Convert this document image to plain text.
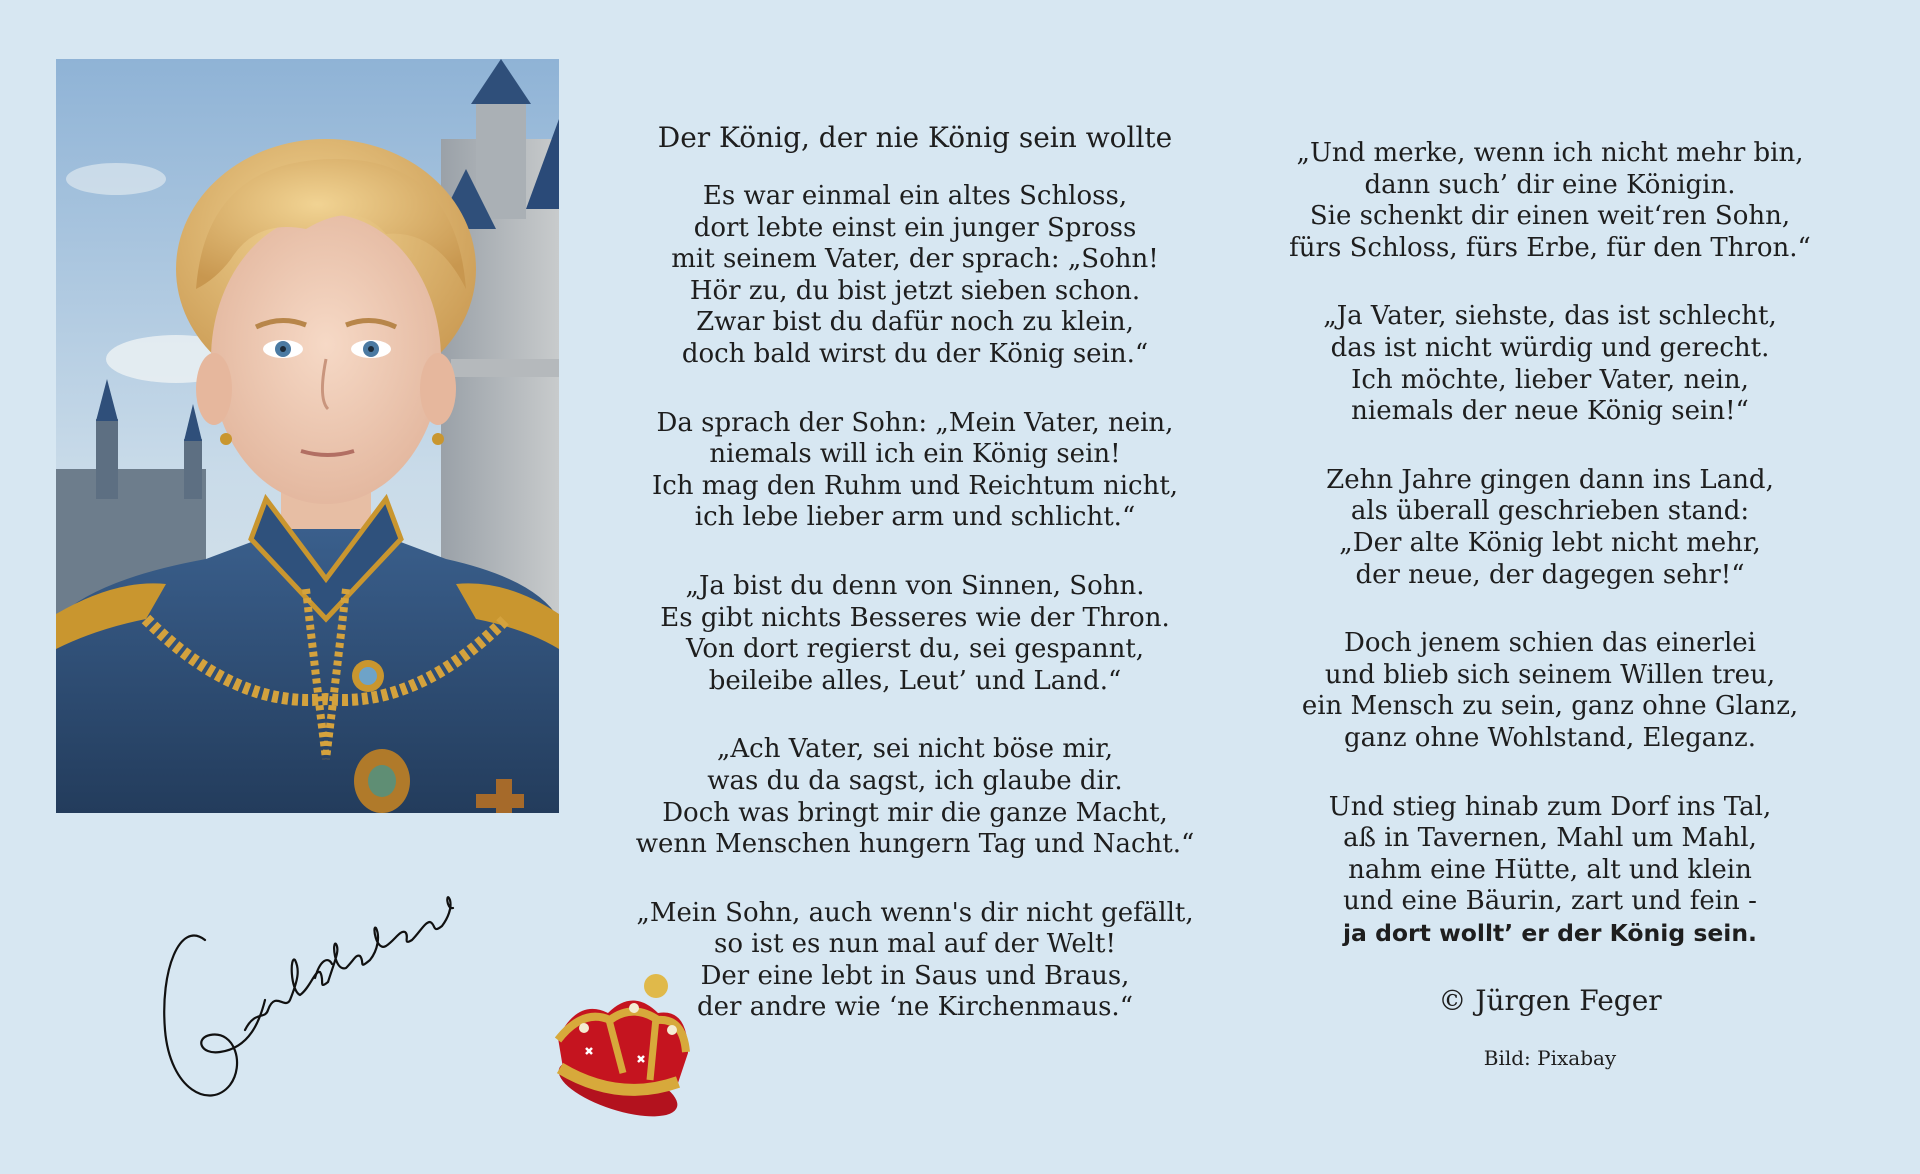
Der König, der nie König sein wollte
Es war einmal ein altes Schloss,
dort lebte einst ein junger Spross
mit seinem Vater, der sprach: „Sohn!
Hör zu, du bist jetzt sieben schon.
Zwar bist du dafür noch zu klein,
doch bald wirst du der König sein.“
Da sprach der Sohn: „Mein Vater, nein,
niemals will ich ein König sein!
Ich mag den Ruhm und Reichtum nicht,
ich lebe lieber arm und schlicht.“
„Ja bist du denn von Sinnen, Sohn.
Es gibt nichts Besseres wie der Thron.
Von dort regierst du, sei gespannt,
beileibe alles, Leut’ und Land.“
„Ach Vater, sei nicht böse mir,
was du da sagst, ich glaube dir.
Doch was bringt mir die ganze Macht,
wenn Menschen hungern Tag und Nacht.“
„Mein Sohn, auch wenn's dir nicht gefällt,
so ist es nun mal auf der Welt!
Der eine lebt in Saus und Braus,
der andre wie ‘ne Kirchenmaus.“
„Und merke, wenn ich nicht mehr bin,
dann such’ dir eine Königin.
Sie schenkt dir einen weit‘ren Sohn,
fürs Schloss, fürs Erbe, für den Thron.“
„Ja Vater, siehste, das ist schlecht,
das ist nicht würdig und gerecht.
Ich möchte, lieber Vater, nein,
niemals der neue König sein!“
Zehn Jahre gingen dann ins Land,
als überall geschrieben stand:
„Der alte König lebt nicht mehr,
der neue, der dagegen sehr!“
Doch jenem schien das einerlei
und blieb sich seinem Willen treu,
ein Mensch zu sein, ganz ohne Glanz,
ganz ohne Wohlstand, Eleganz.
Und stieg hinab zum Dorf ins Tal,
aß in Tavernen, Mahl um Mahl,
nahm eine Hütte, alt und klein
und eine Bäurin, zart und fein -
ja dort wollt’ er der König sein.
© Jürgen Feger
Bild: Pixabay
